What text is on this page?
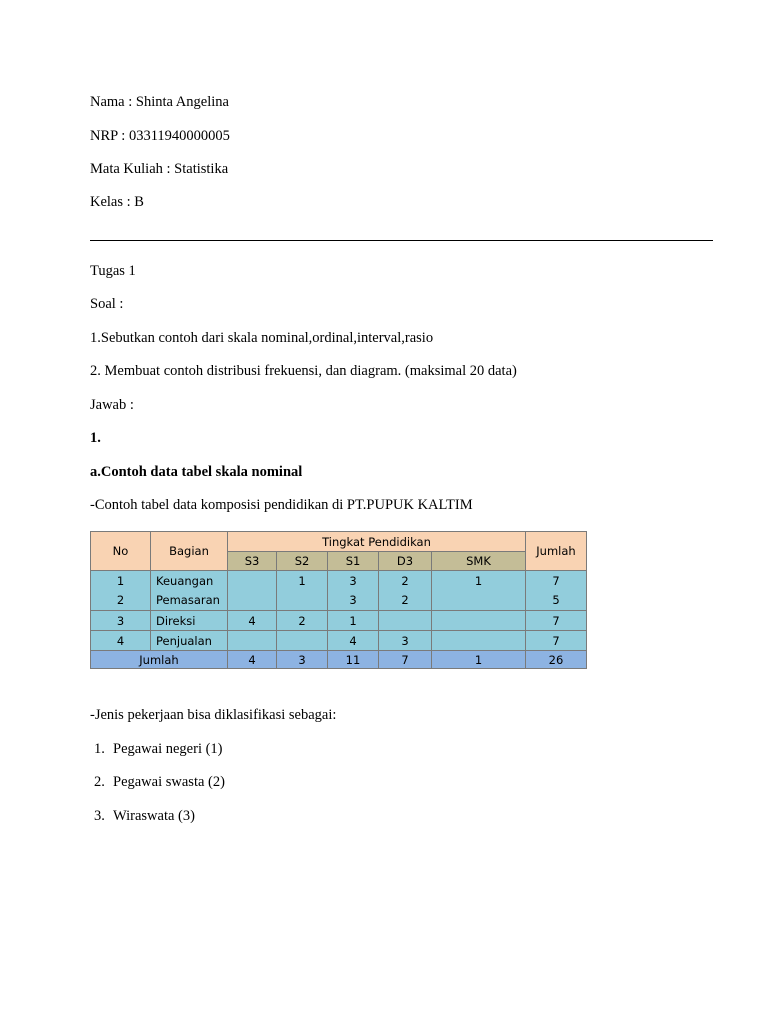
Nama : Shinta Angelina
NRP : 03311940000005
Mata Kuliah : Statistika
Kelas : B
Tugas 1
Soal :
1.Sebutkan contoh dari skala nominal,ordinal,interval,rasio
2. Membuat contoh distribusi frekuensi, dan diagram. (maksimal 20 data)
Jawab :
1.
a.Contoh data tabel skala nominal
-Contoh tabel data komposisi pendidikan di PT.PUPUK KALTIM
No	Bagian	Tingkat Pendidikan					Jumlah
		S3	S2	S1	D3	SMK	
1	Keuangan		1	3	2	1	7
2	Pemasaran			3	2		5
3	Direksi	4	2	1			7
4	Penjualan			4	3		7
Jumlah		4	3	11	7	1	26
-Jenis pekerjaan bisa diklasifikasi sebagai:
1. Pegawai negeri (1)
2. Pegawai swasta (2)
3. Wiraswata (3)
